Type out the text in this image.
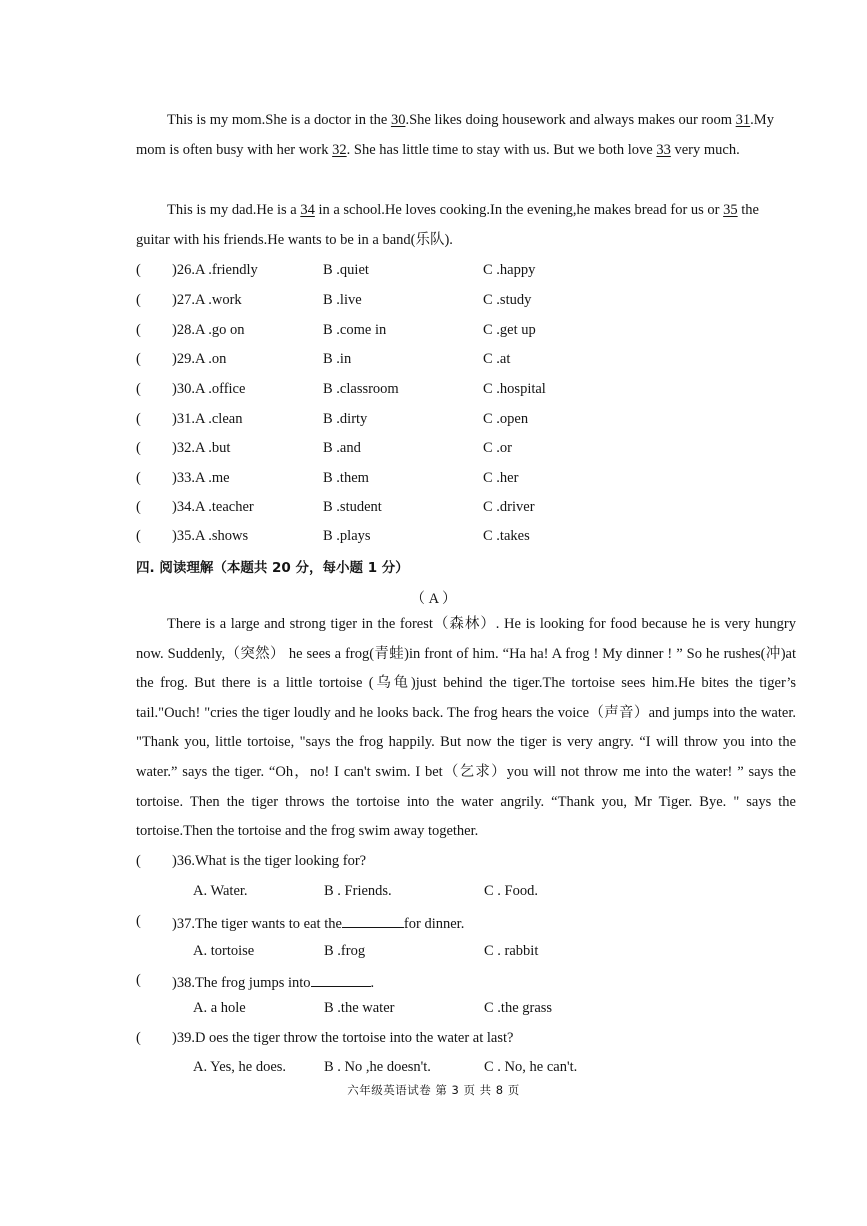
This is my mom.She is a doctor in the 30.She likes doing housework and always makes our room 31.My mom is often busy with her work 32. She has little time to stay with us. But we both love 33 very much.

This is my dad.He is a 34 in a school.He loves cooking.In the evening,he makes bread for us or 35 the guitar with his friends.He wants to be in a band(乐队).

( )26.A .friendly	B .quiet	C .happy
( )27.A .work	B .live	C .study
( )28.A .go on	B .come in	C .get up
( )29.A .on	B .in	C .at
( )30.A .office	B .classroom	C .hospital
( )31.A .clean	B .dirty	C .open
( )32.A .but	B .and	C .or
( )33.A .me	B .them	C .her
( )34.A .teacher	B .student	C .driver
( )35.A .shows	B .plays	C .takes
四. 阅读理解（本题共 20 分，每小题 1 分）
（ A ）

There is a large and strong tiger in the forest（森林）. He is looking for food because he is very hungry now. Suddenly,（突然） he sees a frog(青蛙)in front of him. “Ha ha! A frog ! My dinner ! ” So he rushes(冲)at the frog. But there is a little tortoise (乌龟)just behind the tiger.The tortoise sees him.He bites the tiger’s tail."Ouch! "cries the tiger loudly and he looks back. The frog hears the voice（声音）and jumps into the water. "Thank you, little tortoise, "says the frog happily. But now the tiger is very angry. “I will throw you into the water.” says the tiger. “Oh，no! I can't swim. I bet（乞求）you will not throw me into the water! ” says the tortoise. Then the tiger throws the tortoise into the water angrily. “Thank you, Mr Tiger. Bye. " says the tortoise.Then the tortoise and the frog swim away together.

( )36.What is the tiger looking for?
A. Water.	B . Friends.	C . Food.
( )37.The tiger wants to eat the	for dinner.
A. tortoise	B .frog	C . rabbit
( )38.The frog jumps into	.
A. a hole	B .the water	C .the grass
( )39.D oes the tiger throw the tortoise into the water at last?
A. Yes, he does.	B . No ,he doesn't.	C . No, he can't.
六年级英语试卷 第 3 页 共 8 页
